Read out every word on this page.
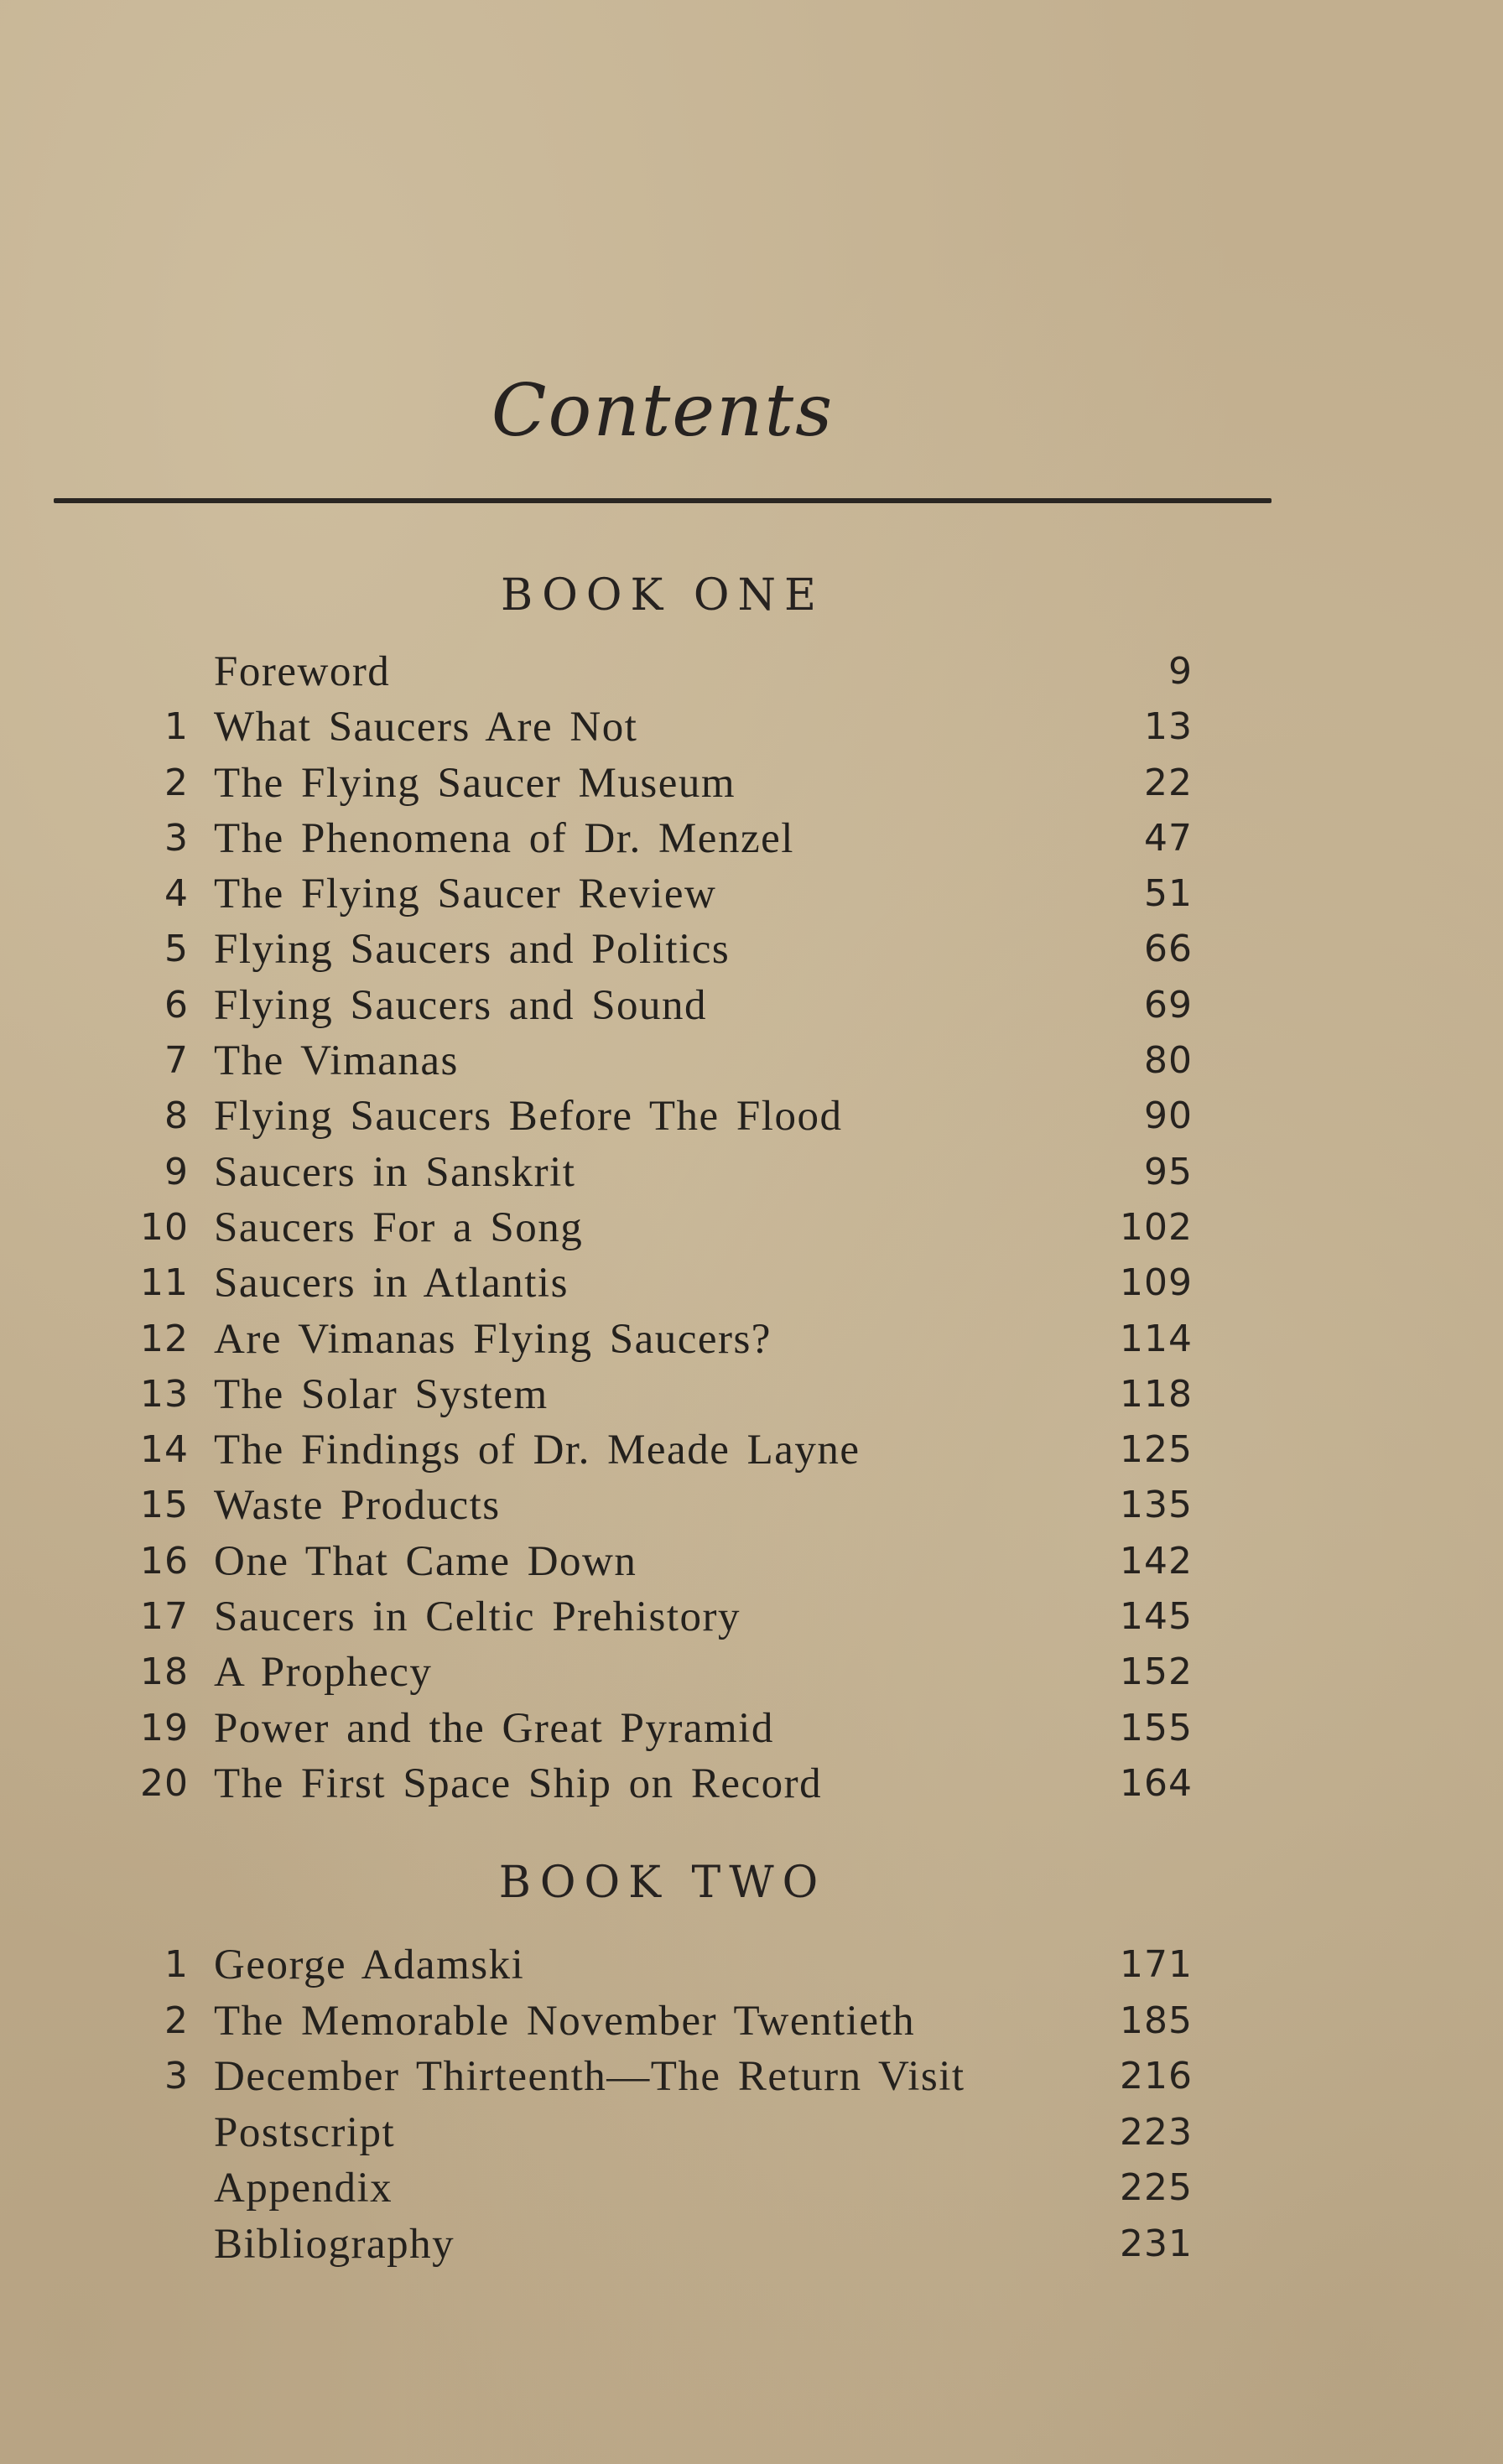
Contents
BOOK ONE
Foreword	9
1 What Saucers Are Not	13
2 The Flying Saucer Museum	22
3 The Phenomena of Dr. Menzel	47
4 The Flying Saucer Review	51
5 Flying Saucers and Politics	66
6 Flying Saucers and Sound	69
7 The Vimanas	80
8 Flying Saucers Before The Flood	90
9 Saucers in Sanskrit	95
10 Saucers For a Song	102
11 Saucers in Atlantis	109
12 Are Vimanas Flying Saucers?	114
13 The Solar System	118
14 The Findings of Dr. Meade Layne	125
15 Waste Products	135
16 One That Came Down	142
17 Saucers in Celtic Prehistory	145
18 A Prophecy	152
19 Power and the Great Pyramid	155
20 The First Space Ship on Record	164
BOOK TWO
1 George Adamski	171
2 The Memorable November Twentieth	185
3 December Thirteenth—The Return Visit	216
Postscript	223
Appendix	225
Bibliography	231
